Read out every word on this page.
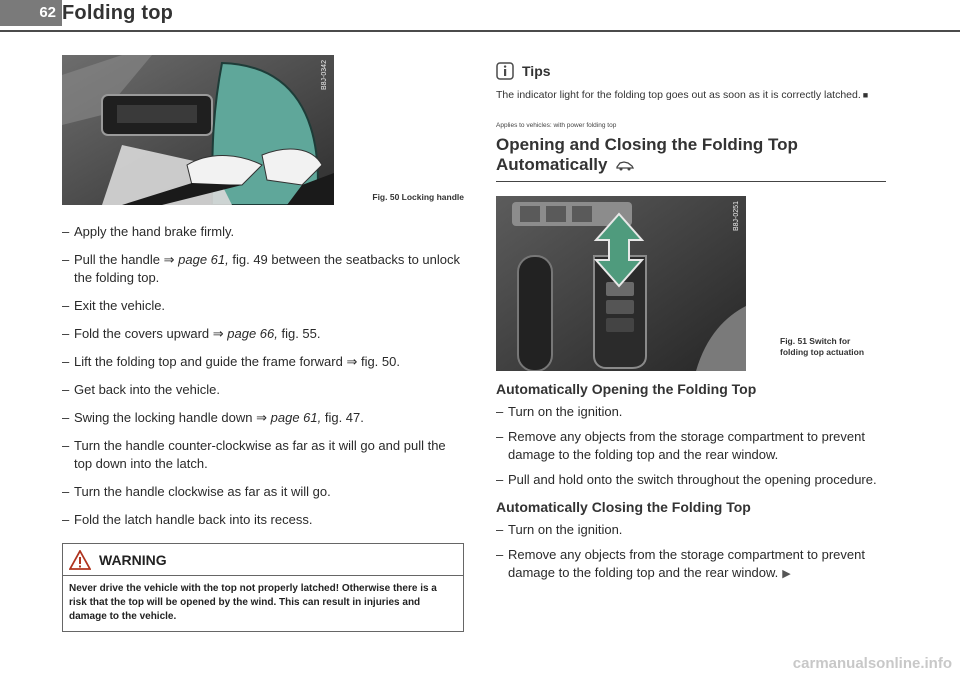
62 Folding top
B8J-0342
Fig. 50 Locking handle
– Apply the hand brake firmly.
– Pull the handle ⇒ page 61, fig. 49 between the seatbacks to unlock the folding top.
– Exit the vehicle.
– Fold the covers upward ⇒ page 66, fig. 55.
– Lift the folding top and guide the frame forward ⇒ fig. 50.
– Get back into the vehicle.
– Swing the locking handle down ⇒ page 61, fig. 47.
– Turn the handle counter-clockwise as far as it will go and pull the top down into the latch.
– Turn the handle clockwise as far as it will go.
– Fold the latch handle back into its recess.
WARNING
Never drive the vehicle with the top not properly latched! Otherwise there is a risk that the top will be opened by the wind. This can result in injuries and damage to the vehicle.
Tips
The indicator light for the folding top goes out as soon as it is correctly latched. ■
Applies to vehicles: with power folding top
Opening and Closing the Folding Top
Automatically
B8J-0251
Fig. 51 Switch for
folding top actuation
Automatically Opening the Folding Top
– Turn on the ignition.
– Remove any objects from the storage compartment to prevent damage to the folding top and the rear window.
– Pull and hold onto the switch throughout the opening procedure.
Automatically Closing the Folding Top
– Turn on the ignition.
– Remove any objects from the storage compartment to prevent damage to the folding top and the rear window. ▶
carmanualsonline.info
